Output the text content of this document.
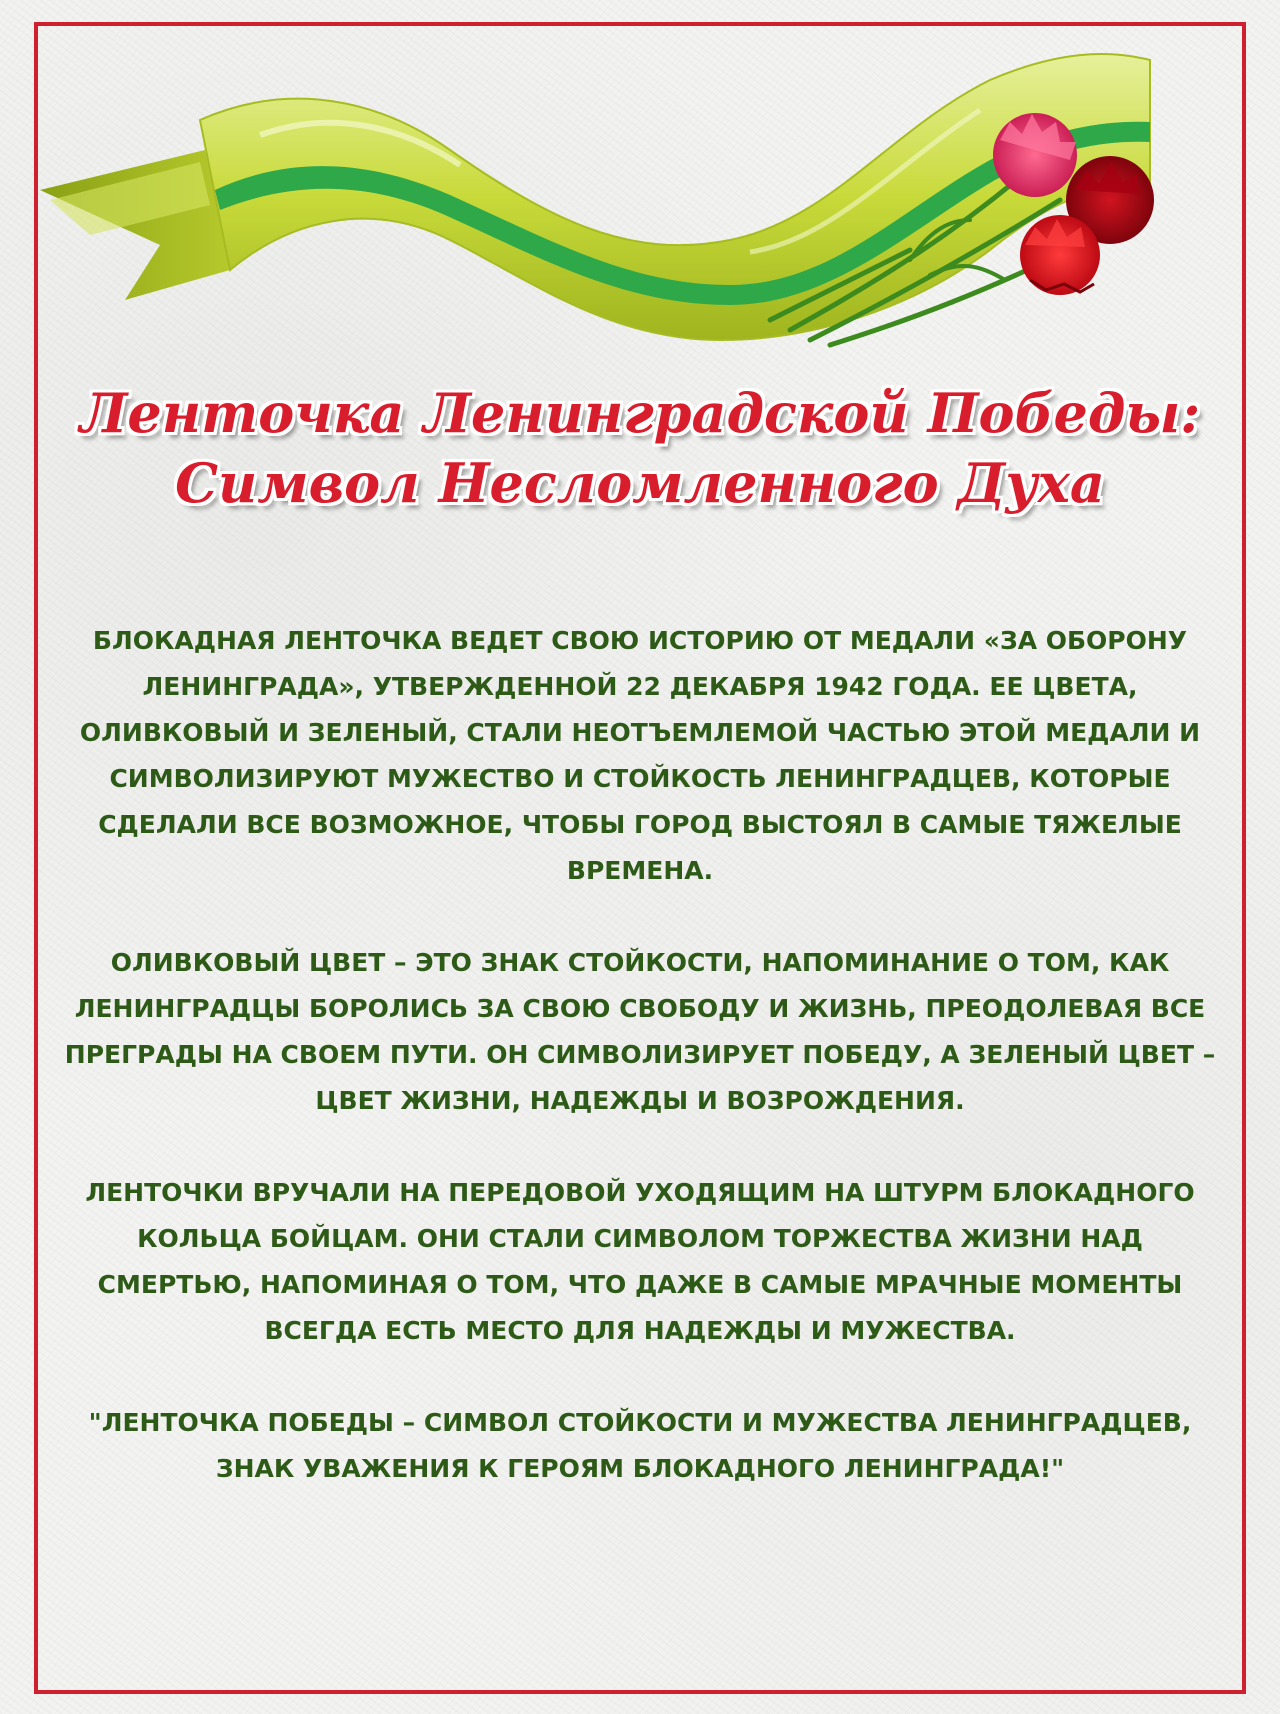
Ленточка Ленинградской Победы:
Символ Несломленного Духа

БЛОКАДНАЯ ЛЕНТОЧКА ВЕДЕТ СВОЮ ИСТОРИЮ ОТ МЕДАЛИ «ЗА ОБОРОНУ ЛЕНИНГРАДА», УТВЕРЖДЕННОЙ 22 ДЕКАБРЯ 1942 ГОДА. ЕЕ ЦВЕТА, ОЛИВКОВЫЙ И ЗЕЛЕНЫЙ, СТАЛИ НЕОТЪЕМЛЕМОЙ ЧАСТЬЮ ЭТОЙ МЕДАЛИ И СИМВОЛИЗИРУЮТ МУЖЕСТВО И СТОЙКОСТЬ ЛЕНИНГРАДЦЕВ, КОТОРЫЕ СДЕЛАЛИ ВСЕ ВОЗМОЖНОЕ, ЧТОБЫ ГОРОД ВЫСТОЯЛ В САМЫЕ ТЯЖЕЛЫЕ ВРЕМЕНА.

ОЛИВКОВЫЙ ЦВЕТ – ЭТО ЗНАК СТОЙКОСТИ, НАПОМИНАНИЕ О ТОМ, КАК ЛЕНИНГРАДЦЫ БОРОЛИСЬ ЗА СВОЮ СВОБОДУ И ЖИЗНЬ, ПРЕОДОЛЕВАЯ ВСЕ ПРЕГРАДЫ НА СВОЕМ ПУТИ. ОН СИМВОЛИЗИРУЕТ ПОБЕДУ, А ЗЕЛЕНЫЙ ЦВЕТ – ЦВЕТ ЖИЗНИ, НАДЕЖДЫ И ВОЗРОЖДЕНИЯ.

ЛЕНТОЧКИ ВРУЧАЛИ НА ПЕРЕДОВОЙ УХОДЯЩИМ НА ШТУРМ БЛОКАДНОГО КОЛЬЦА БОЙЦАМ. ОНИ СТАЛИ СИМВОЛОМ ТОРЖЕСТВА ЖИЗНИ НАД СМЕРТЬЮ, НАПОМИНАЯ О ТОМ, ЧТО ДАЖЕ В САМЫЕ МРАЧНЫЕ МОМЕНТЫ ВСЕГДА ЕСТЬ МЕСТО ДЛЯ НАДЕЖДЫ И МУЖЕСТВА.

"ЛЕНТОЧКА ПОБЕДЫ – СИМВОЛ СТОЙКОСТИ И МУЖЕСТВА ЛЕНИНГРАДЦЕВ, ЗНАК УВАЖЕНИЯ К ГЕРОЯМ БЛОКАДНОГО ЛЕНИНГРАДА!"
